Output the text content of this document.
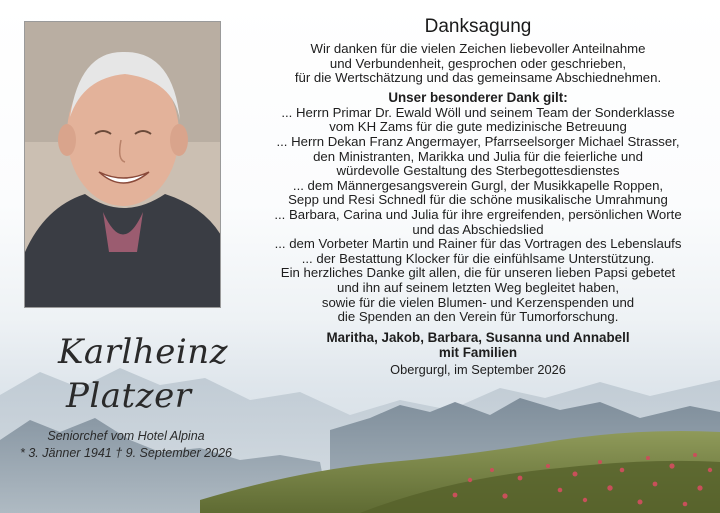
Karlheinz
Platzer
Seniorchef vom Hotel Alpina
* 3. Jänner 1941 † 9. September 2026
Danksagung
Wir danken für die vielen Zeichen liebevoller Anteilnahme
und Verbundenheit, gesprochen oder geschrieben,
für die Wertschätzung und das gemeinsame Abschiednehmen.
Unser besonderer Dank gilt:
... Herrn Primar Dr. Ewald Wöll und seinem Team der Sonderklasse
vom KH Zams für die gute medizinische Betreuung
... Herrn Dekan Franz Angermayer, Pfarrseelsorger Michael Strasser,
den Ministranten, Marikka und Julia für die feierliche und
würdevolle Gestaltung des Sterbegottesdienstes
... dem Männergesangsverein Gurgl, der Musikkapelle Roppen,
Sepp und Resi Schnedl für die schöne musikalische Umrahmung
... Barbara, Carina und Julia für ihre ergreifenden, persönlichen Worte
und das Abschiedslied
... dem Vorbeter Martin und Rainer für das Vortragen des Lebenslaufs
... der Bestattung Klocker für die einfühlsame Unterstützung.
Ein herzliches Danke gilt allen, die für unseren lieben Papsi gebetet
und ihn auf seinem letzten Weg begleitet haben,
sowie für die vielen Blumen- und Kerzenspenden und
die Spenden an den Verein für Tumorforschung.
Maritha, Jakob, Barbara, Susanna und Annabell
mit Familien
Obergurgl, im September 2026
